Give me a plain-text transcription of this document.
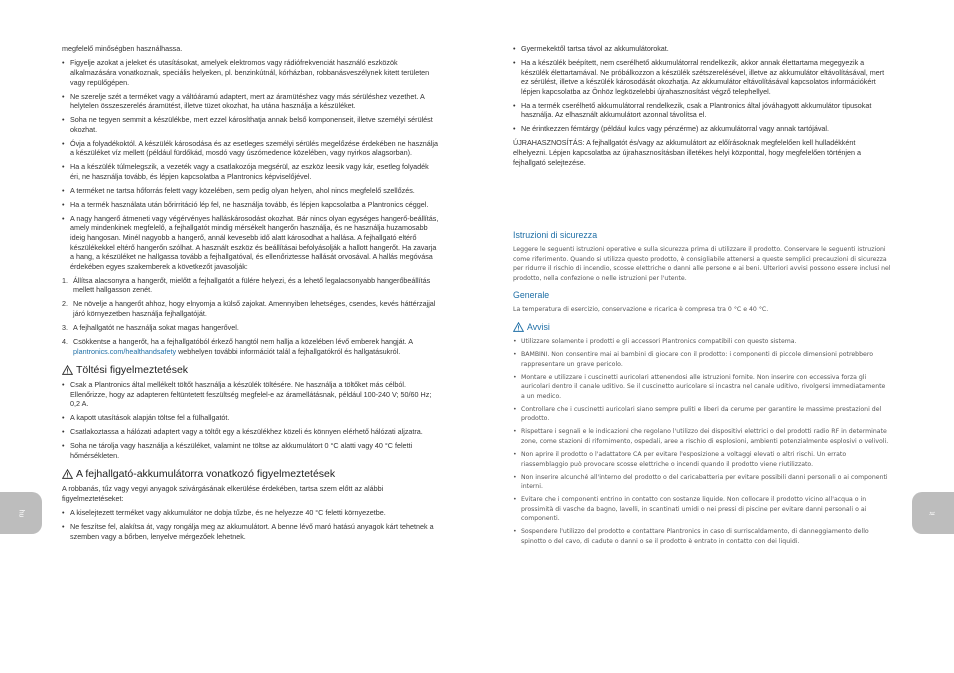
megfelelő minőségben használhassa.

• Figyelje azokat a jeleket és utasításokat, amelyek elektromos vagy rádiófrekvenciát használó eszközök alkalmazására vonatkoznak, speciális helyeken, pl. benzinkútnál, kórházban, robbanásveszélynek kitett területen vagy repülőgépen.

• Ne szerelje szét a terméket vagy a váltóáramú adaptert, mert az áramütéshez vagy más sérüléshez vezethet. A helytelen összeszerelés áramütést, illetve tüzet okozhat, ha utána használja a készüléket.

• Soha ne tegyen semmit a készülékbe, mert ezzel károsíthatja annak belső komponenseit, illetve személyi sérülést okozhat.

• Óvja a folyadékoktól. A készülék károsodása és az esetleges személyi sérülés megelőzése érdekében ne használja a készüléket víz mellett (például fürdőkád, mosdó vagy úszómedence közelében, vagy nyirkos alagsorban).

• Ha a készülék túlmelegszik, a vezeték vagy a csatlakozója megsérül, az eszköz leesik vagy kár, esetleg folyadék éri, ne használja tovább, és lépjen kapcsolatba a Plantronics képviselőjével.

• A terméket ne tartsa hőforrás felett vagy közelében, sem pedig olyan helyen, ahol nincs megfelelő szellőzés.

• Ha a termék használata után bőrirritáció lép fel, ne használja tovább, és lépjen kapcsolatba a Plantronics céggel.

• A nagy hangerő átmeneti vagy végérvényes halláskárosodást okozhat. Bár nincs olyan egységes hangerő-beállítás, amely mindenkinek megfelelő, a fejhallgatót mindig mérsékelt hangerőn használja, és ne használja huzamosabb ideig hangosan. Minél nagyobb a hangerő, annál kevesebb idő alatt károsodhat a hallása. A fejhallgató eltérő készülékekkel eltérő hangerőn szólhat. A használt eszköz és beállításai befolyásolják a hallott hangerőt. Ha zavarja a hang, a készüléket ne hallgassa tovább a fejhallgatóval, és ellenőriztesse hallását orvosával. A hallás megóvása érdekében egyes szakemberek a következőt javasolják:

1. Állítsa alacsonyra a hangerőt, mielőtt a fejhallgatót a fülére helyezi, és a lehető legalacsonyabb hangerőbeállítás mellett hallgasson zenét.

2. Ne növelje a hangerőt ahhoz, hogy elnyomja a külső zajokat. Amennyiben lehetséges, csendes, kevés háttérzajjal járó környezetben használja fejhallgatóját.

3. A fejhallgatót ne használja sokat magas hangerővel.

4. Csökkentse a hangerőt, ha a fejhallgatóból érkező hangtól nem hallja a közelében lévő emberek hangját. A plantronics.com/healthandsafety webhelyen további információt talál a fejhallgatókról és hallgatásukról.

Töltési figyelmeztetések

• Csak a Plantronics által mellékelt töltőt használja a készülék töltésére. Ne használja a töltőket más célból. Ellenőrizze, hogy az adapteren feltüntetett feszültség megfelel-e az áramellátásnak, például 100-240 V; 50/60 Hz; 0,2 A.

• A kapott utasítások alapján töltse fel a fülhallgatót.

• Csatlakoztassa a hálózati adaptert vagy a töltőt egy a készülékhez közeli és könnyen elérhető hálózati aljzatra.

• Soha ne tárolja vagy használja a készüléket, valamint ne töltse az akkumulátort 0 °C alatti vagy 40 °C feletti hőmérsékleten.

A fejhallgató-akkumulátorra vonatkozó figyelmeztetések

A robbanás, tűz vagy vegyi anyagok szivárgásának elkerülése érdekében, tartsa szem előtt az alábbi figyelmeztetéseket:

• A kiselejtezett terméket vagy akkumulátor ne dobja tűzbe, és ne helyezze 40 °C feletti környezetbe.

• Ne feszítse fel, alakítsa át, vagy rongálja meg az akkumulátort. A benne lévő maró hatású anyagok kárt tehetnek a szemben vagy a bőrben, lenyelve mérgezőek lehetnek.

hu

• Gyermekektől tartsa távol az akkumulátorokat.

• Ha a készülék beépített, nem cserélhető akkumulátorral rendelkezik, akkor annak élettartama megegyezik a készülék élettartamával. Ne próbálkozzon a készülék szétszerelésével, illetve az akkumulátor eltávolításával, mert ez sérülést, illetve a készülék károsodását okozhatja. Az akkumulátor eltávolításával kapcsolatos információkért lépjen kapcsolatba az Önhöz legközelebbi újrahasznosítást végző telephellyel.

• Ha a termék cserélhető akkumulátorral rendelkezik, csak a Plantronics által jóváhagyott akkumulátor típusokat használja. Az elhasznált akkumulátort azonnal távolítsa el.

• Ne érintkezzen fémtárgy (például kulcs vagy pénzérme) az akkumulátorral vagy annak tartójával.

ÚJRAHASZNOSÍTÁS: A fejhallgatót és/vagy az akkumulátort az előírásoknak megfelelően kell hulladékként elhelyezni. Lépjen kapcsolatba az újrahasznosításban illetékes helyi központtal, hogy megfelelően történjen a fejhallgató selejtezése.

Istruzioni di sicurezza

Leggere le seguenti istruzioni operative e sulla sicurezza prima di utilizzare il prodotto. Conservare le seguenti istruzioni come riferimento. Quando si utilizza questo prodotto, è consigliabile attenersi a queste semplici precauzioni di sicurezza per ridurre il rischio di incendio, scosse elettriche o danni alle persone e ai beni. Ulteriori avvisi possono essere inclusi nel prodotto, nella confezione o nelle istruzioni per l'utente.

Generale

La temperatura di esercizio, conservazione e ricarica è compresa tra 0 °C e 40 °C.

Avvisi

• Utilizzare solamente i prodotti e gli accessori Plantronics compatibili con questo sistema.

• BAMBINI. Non consentire mai ai bambini di giocare con il prodotto: i componenti di piccole dimensioni potrebbero rappresentare un grave pericolo.

• Montare e utilizzare i cuscinetti auricolari attenendosi alle istruzioni fornite. Non inserire con eccessiva forza gli auricolari dentro il canale uditivo. Se il cuscinetto auricolare si incastra nel canale uditivo, rivolgersi immediatamente a un medico.

• Controllare che i cuscinetti auricolari siano sempre puliti e liberi da cerume per garantire le massime prestazioni del prodotto.

• Rispettare i segnali e le indicazioni che regolano l'utilizzo dei dispositivi elettrici o del prodotti radio RF in determinate zone, come stazioni di rifornimento, ospedali, aree a rischio di esplosioni, ambienti potenzialmente esplosivi o velivoli.

• Non aprire il prodotto o l'adattatore CA per evitare l'esposizione a voltaggi elevati o altri rischi. Un errato riassemblaggio può provocare scosse elettriche o incendi quando il prodotto viene riutilizzato.

• Non inserire alcunché all'interno del prodotto o del caricabatteria per evitare possibili danni personali o ai componenti interni.

• Evitare che i componenti entrino in contatto con sostanze liquide. Non collocare il prodotto vicino all'acqua o in prossimità di vasche da bagno, lavelli, in scantinati umidi o nei pressi di piscine per evitare danni personali o ai componenti.

• Sospendere l'utilizzo del prodotto e contattare Plantronics in caso di surriscaldamento, di danneggiamento dello spinotto o del cavo, di cadute o danni o se il prodotto è entrato in contatto con dei liquidi.

it
